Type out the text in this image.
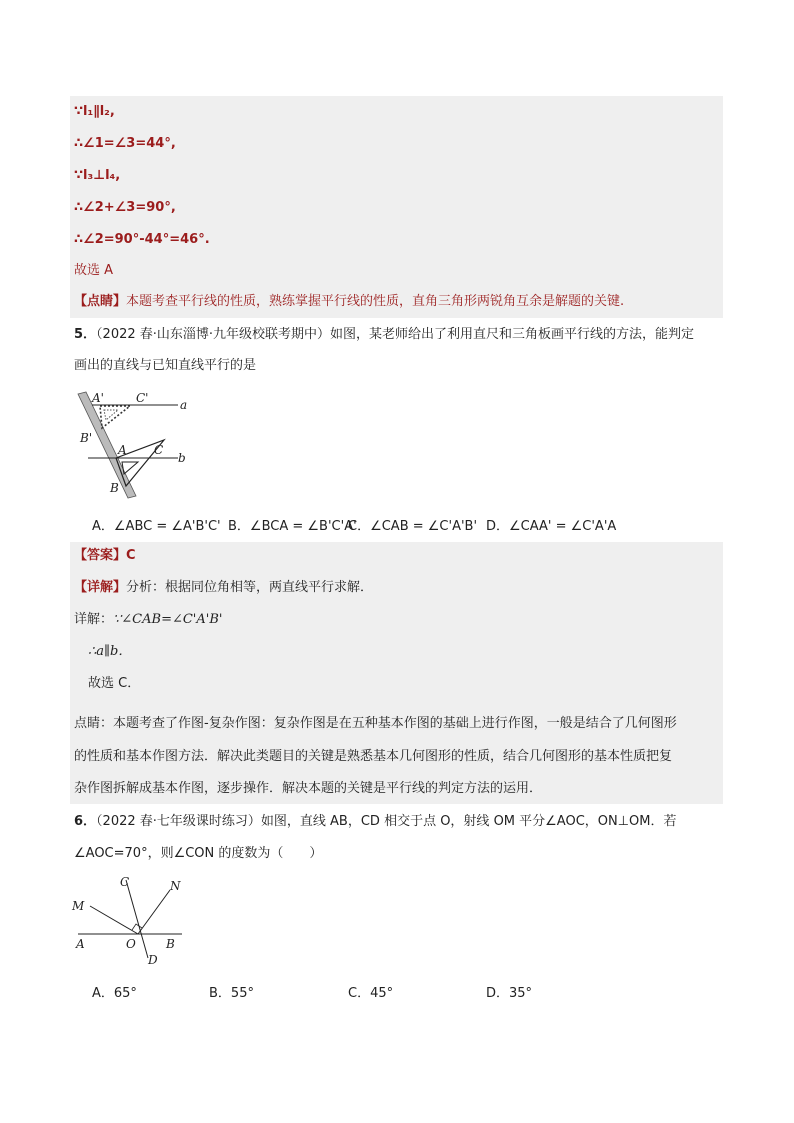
∵l₁∥l₂,
∴∠1=∠3=44°,
∵l₃⊥l₄,
∴∠2+∠3=90°,
∴∠2=90°-44°=46°.
故选 A
【点睛】本题考查平行线的性质，熟练掌握平行线的性质，直角三角形两锐角互余是解题的关键.
5．（2022 春·山东淄博·九年级校联考期中）如图，某老师给出了利用直尺和三角板画平行线的方法，能判定
画出的直线与已知直线平行的是
A'	C'	a
B'
A C
b
B
A．∠ABC = ∠A'B'C' B．∠BCA = ∠B'C'A'
C．∠CAB = ∠C'A'B' D．∠CAA' = ∠C'A'A
【答案】C
【详解】分析：根据同位角相等，两直线平行求解．
详解：∵∠CAB=∠C'A'B'
∴a∥b．
故选 C．
点睛：本题考查了作图-复杂作图：复杂作图是在五种基本作图的基础上进行作图，一般是结合了几何图形
的性质和基本作图方法．解决此类题目的关键是熟悉基本几何图形的性质，结合几何图形的基本性质把复
杂作图拆解成基本作图，逐步操作．解决本题的关键是平行线的判定方法的运用．
6．（2022 春·七年级课时练习）如图，直线 AB，CD 相交于点 O，射线 OM 平分∠AOC，ON⊥OM．若
∠AOC=70°，则∠CON 的度数为（　　）
C	N
M
A	O	B
D
A．65°	B．55°	C．45°	D．35°
